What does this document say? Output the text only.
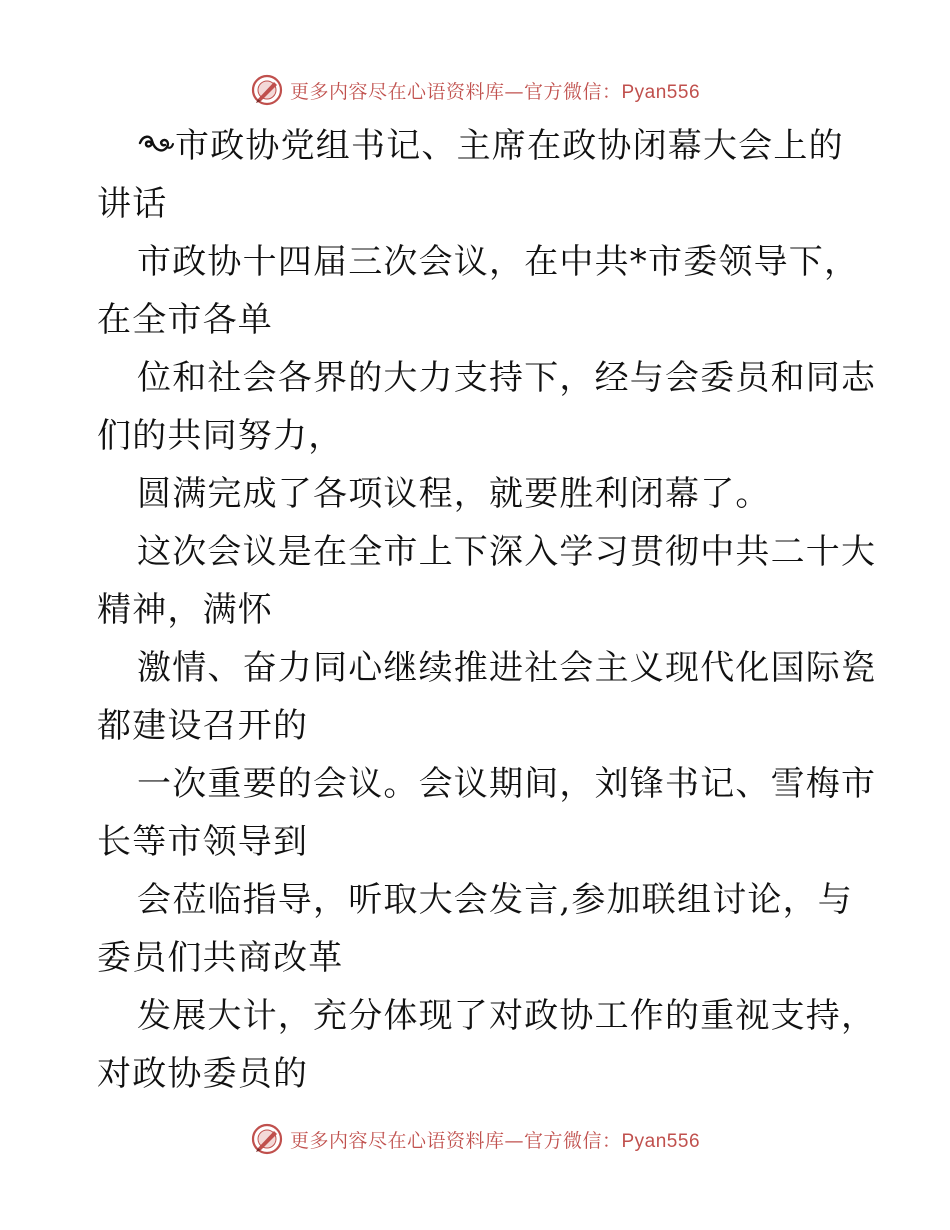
更多内容尽在心语资料库—官方微信：Pyan556
市政协党组书记、主席在政协闭幕大会上的
讲话
市政协十四届三次会议，在中共*市委领导下，
在全市各单
位和社会各界的大力支持下，经与会委员和同志
们的共同努力，
圆满完成了各项议程，就要胜利闭幕了。
这次会议是在全市上下深入学习贯彻中共二十大
精神，满怀
激情、奋力同心继续推进社会主义现代化国际瓷
都建设召开的
一次重要的会议。会议期间，刘锋书记、雪梅市
长等市领导到
会莅临指导，听取大会发言,参加联组讨论，与
委员们共商改革
发展大计，充分体现了对政协工作的重视支持，
对政协委员的
更多内容尽在心语资料库—官方微信：Pyan556
